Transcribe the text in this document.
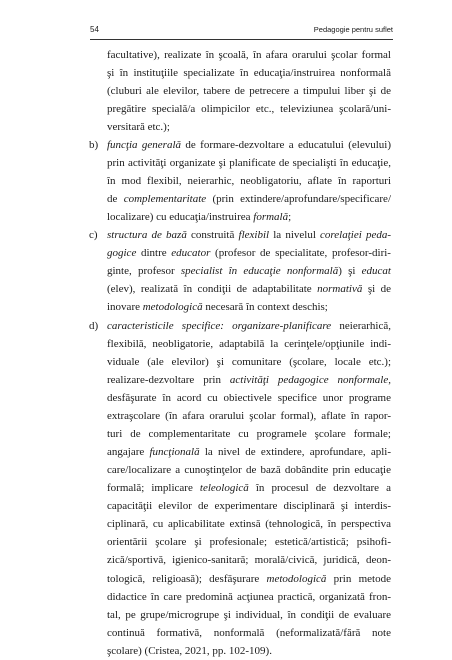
54	Pedagogie pentru suflet
facultative), realizate în şcoală, în afara orarului şcolar formal
şi în instituţiile specializate în educaţia/instruirea nonformală
(cluburi ale elevilor, tabere de petrecere a timpului liber şi de
pregătire specială/a olimpicilor etc., televiziunea şcolară/uni-
versitară etc.);
b) funcţia generală de formare-dezvoltare a educatului (elevului)
prin activităţi organizate şi planificate de specialişti în educaţie,
în mod flexibil, neierarhic, neobligatoriu, aflate în raporturi
de complementaritate (prin extindere/aprofundare/specificare/
localizare) cu educaţia/instruirea formală;
c) structura de bază construită flexibil la nivelul corelaţiei peda-
gogice dintre educator (profesor de specialitate, profesor-diri-
ginte, profesor specialist în educaţie nonformală) şi educat
(elev), realizată în condiţii de adaptabilitate normativă şi de
inovare metodologică necesară în context deschis;
d) caracteristicile specifice: organizare-planificare neierarhică,
flexibilă, neobligatorie, adaptabilă la cerinţele/opţiunile indi-
viduale (ale elevilor) şi comunitare (şcolare, locale etc.);
realizare-dezvoltare prin activităţi pedagogice nonformale,
desfăşurate în acord cu obiectivele specifice unor programe
extraşcolare (în afara orarului şcolar formal), aflate în rapor-
turi de complementaritate cu programele şcolare formale;
angajare funcţională la nivel de extindere, aprofundare, apli-
care/localizare a cunoştinţelor de bază dobândite prin educaţie
formală; implicare teleologică în procesul de dezvoltare a
capacităţii elevilor de experimentare disciplinară şi interdis-
ciplinară, cu aplicabilitate extinsă (tehnologică, în perspectiva
orientării şcolare şi profesionale; estetică/artistică; psihofi-
zică/sportivă, igienico-sanitară; morală/civică, juridică, deon-
tologică, religioasă); desfăşurare metodologică prin metode
didactice în care predomină acţiunea practică, organizată fron-
tal, pe grupe/microgrupe şi individual, în condiţii de evaluare
continuă formativă, nonformală (neformalizată/fără note
şcolare) (Cristea, 2021, pp. 102-109).
